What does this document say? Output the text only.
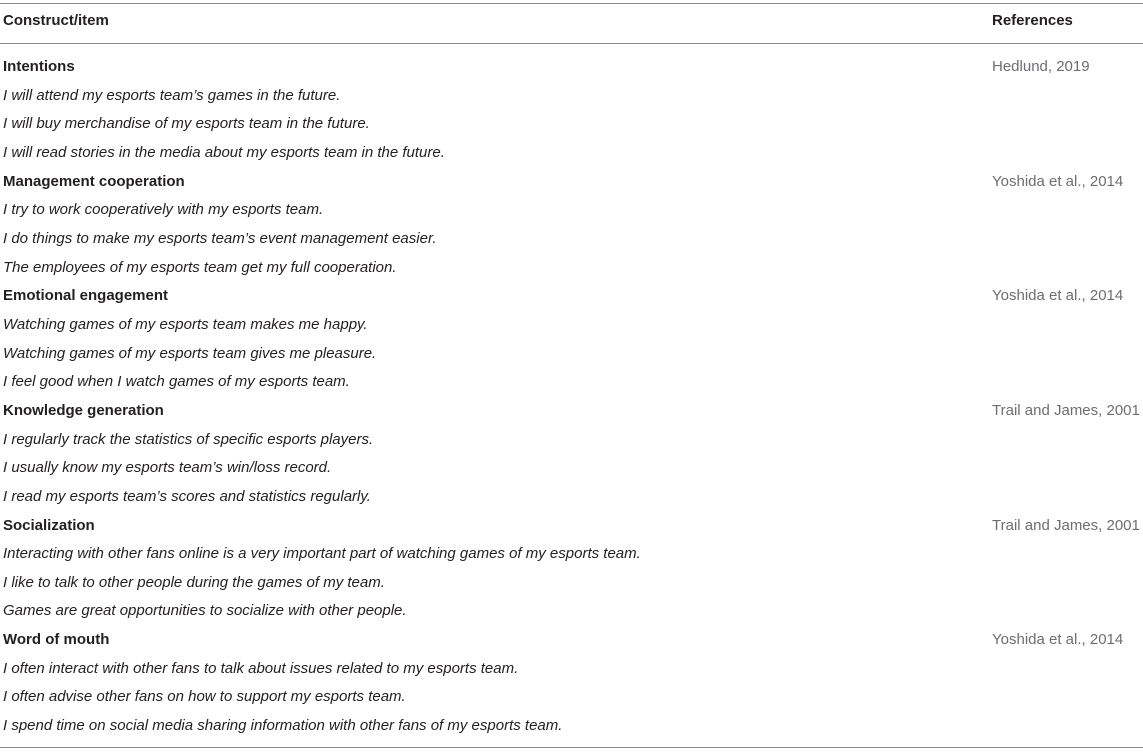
Construct/item	References
Intentions	Hedlund, 2019
I will attend my esports team’s games in the future.
I will buy merchandise of my esports team in the future.
I will read stories in the media about my esports team in the future.
Management cooperation	Yoshida et al., 2014
I try to work cooperatively with my esports team.
I do things to make my esports team’s event management easier.
The employees of my esports team get my full cooperation.
Emotional engagement	Yoshida et al., 2014
Watching games of my esports team makes me happy.
Watching games of my esports team gives me pleasure.
I feel good when I watch games of my esports team.
Knowledge generation	Trail and James, 2001
I regularly track the statistics of specific esports players.
I usually know my esports team’s win/loss record.
I read my esports team’s scores and statistics regularly.
Socialization	Trail and James, 2001
Interacting with other fans online is a very important part of watching games of my esports team.
I like to talk to other people during the games of my team.
Games are great opportunities to socialize with other people.
Word of mouth	Yoshida et al., 2014
I often interact with other fans to talk about issues related to my esports team.
I often advise other fans on how to support my esports team.
I spend time on social media sharing information with other fans of my esports team.
